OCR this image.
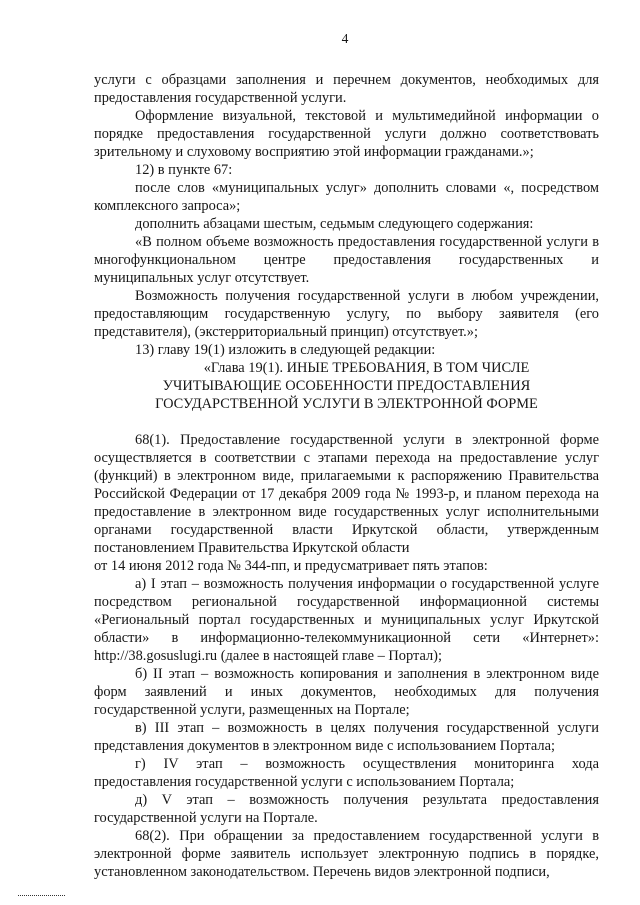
4

услуги с образцами заполнения и перечнем документов, необходимых для предоставления государственной услуги.

Оформление визуальной, текстовой и мультимедийной информации о порядке предоставления государственной услуги должно соответствовать зрительному и слуховому восприятию этой информации гражданами.»;

12) в пункте 67:

после слов «муниципальных услуг» дополнить словами «, посредством комплексного запроса»;

дополнить абзацами шестым, седьмым следующего содержания:

«В полном объеме возможность предоставления государственной услуги в многофункциональном центре предоставления государственных и муниципальных услуг отсутствует.

Возможность получения государственной услуги в любом учреждении, предоставляющим государственную услугу, по выбору заявителя (его представителя), (экстерриториальный принцип) отсутствует.»;

13) главу 19(1) изложить в следующей редакции:

«Глава 19(1). ИНЫЕ ТРЕБОВАНИЯ, В ТОМ ЧИСЛЕ
УЧИТЫВАЮЩИЕ ОСОБЕННОСТИ ПРЕДОСТАВЛЕНИЯ
ГОСУДАРСТВЕННОЙ УСЛУГИ В ЭЛЕКТРОННОЙ ФОРМЕ

68(1). Предоставление государственной услуги в электронной форме осуществляется в соответствии с этапами перехода на предоставление услуг (функций) в электронном виде, прилагаемыми к распоряжению Правительства Российской Федерации от 17 декабря 2009 года № 1993-р, и планом перехода на предоставление в электронном виде государственных услуг исполнительными органами государственной власти Иркутской области, утвержденным постановлением Правительства Иркутской области

от 14 июня 2012 года № 344-пп, и предусматривает пять этапов:

а) I этап – возможность получения информации о государственной услуге посредством региональной государственной информационной системы «Региональный портал государственных и муниципальных услуг Иркутской области» в информационно-телекоммуникационной сети «Интернет»: http://38.gosuslugi.ru (далее в настоящей главе – Портал);

б) II этап – возможность копирования и заполнения в электронном виде форм заявлений и иных документов, необходимых для получения государственной услуги, размещенных на Портале;

в) III этап – возможность в целях получения государственной услуги представления документов в электронном виде с использованием Портала;

г) IV этап – возможность осуществления мониторинга хода предоставления государственной услуги с использованием Портала;

д) V этап – возможность получения результата предоставления государственной услуги на Портале.

68(2). При обращении за предоставлением государственной услуги в электронной форме заявитель использует электронную подпись в порядке, установленном законодательством. Перечень видов электронной подписи,
